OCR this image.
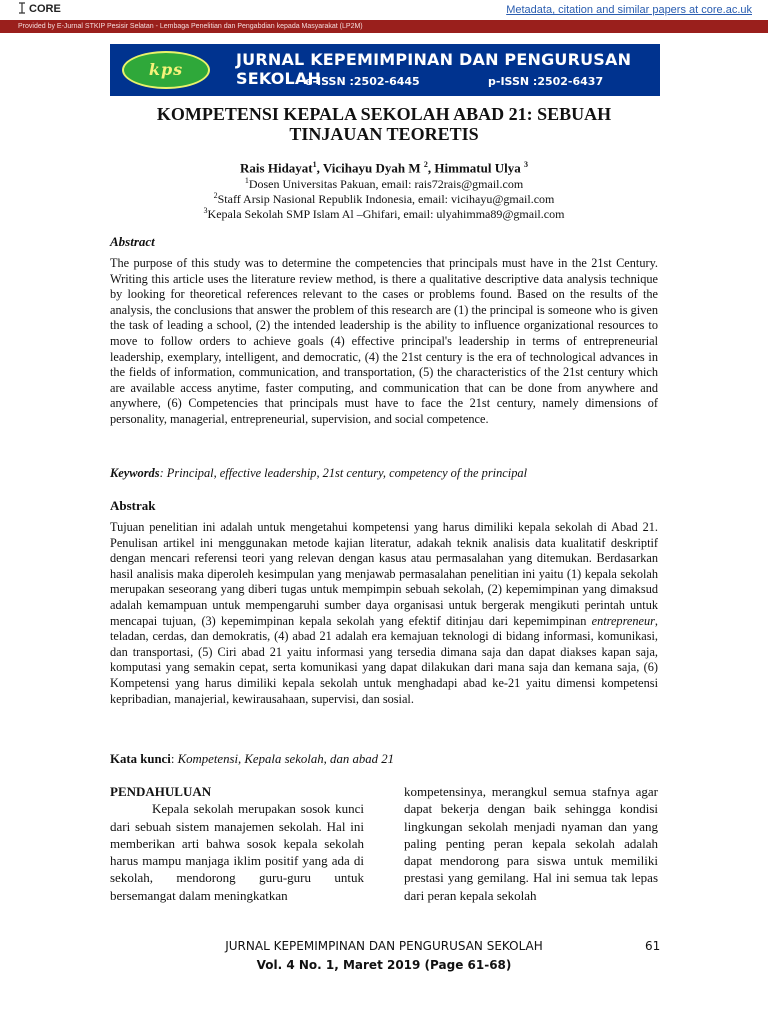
CORE	Metadata, citation and similar papers at core.ac.uk
Provided by E-Jurnal STKIP Pesisir Selatan - Lembaga Penelitian dan Pengabdian kepada Masyarakat (LP2M)
kps
JURNAL KEPEMIMPINAN DAN PENGURUSAN SEKOLAH
e-ISSN :2502-6445	p-ISSN :2502-6437
KOMPETENSI KEPALA SEKOLAH ABAD 21: SEBUAH
TINJAUAN TEORETIS
Rais Hidayat$^1$, Vicihayu Dyah M $^2$, Himmatul Ulya $^3$
$^1$Dosen Universitas Pakuan, email: rais72rais@gmail.com
$^2$Staff Arsip Nasional Republik Indonesia, email: vicihayu@gmail.com
$^3$Kepala Sekolah SMP Islam Al –Ghifari, email: ulyahimma89@gmail.com
Abstract
The purpose of this study was to determine the competencies that principals must have in the 21st Century. Writing this article uses the literature review method, is there a qualitative descriptive data analysis technique by looking for theoretical references relevant to the cases or problems found. Based on the results of the analysis, the conclusions that answer the problem of this research are (1) the principal is someone who is given the task of leading a school, (2) the intended leadership is the ability to influence organizational resources to move to follow orders to achieve goals (4) effective principal's leadership in terms of entrepreneurial leadership, exemplary, intelligent, and democratic, (4) the 21st century is the era of technological advances in the fields of information, communication, and transportation, (5) the characteristics of the 21st century which are available access anytime, faster computing, and communication that can be done from anywhere and anywhere, (6) Competencies that principals must have to face the 21st century, namely dimensions of personality, managerial, entrepreneurial, supervision, and social competence.
Keywords: Principal, effective leadership, 21st century, competency of the principal
Abstrak
Tujuan penelitian ini adalah untuk mengetahui kompetensi yang harus dimiliki kepala sekolah di Abad 21. Penulisan artikel ini menggunakan metode kajian literatur, adakah teknik analisis data kualitatif deskriptif dengan mencari referensi teori yang relevan dengan kasus atau permasalahan yang ditemukan. Berdasarkan hasil analisis maka diperoleh kesimpulan yang menjawab permasalahan penelitian ini yaitu (1) kepala sekolah merupakan seseorang yang diberi tugas untuk mempimpin sebuah sekolah, (2) kepemimpinan yang dimaksud adalah kemampuan untuk mempengaruhi sumber daya organisasi untuk bergerak mengikuti perintah untuk mencapai tujuan, (3) kepemimpinan kepala sekolah yang efektif ditinjau dari kepemimpinan entrepreneur, teladan, cerdas, dan demokratis, (4) abad 21 adalah era kemajuan teknologi di bidang informasi, komunikasi, dan transportasi, (5) Ciri abad 21 yaitu informasi yang tersedia dimana saja dan dapat diakses kapan saja, komputasi yang semakin cepat, serta komunikasi yang dapat dilakukan dari mana saja dan kemana saja, (6) Kompetensi yang harus dimiliki kepala sekolah untuk menghadapi abad ke-21 yaitu dimensi kompetensi kepribadian, manajerial, kewirausahaan, supervisi, dan sosial.
Kata kunci: Kompetensi, Kepala sekolah, dan abad 21
PENDAHULUAN

Kepala sekolah merupakan sosok kunci dari sebuah sistem manajemen sekolah. Hal ini memberikan arti bahwa sosok kepala sekolah harus mampu manjaga iklim positif yang ada di sekolah, mendorong guru-guru untuk bersemangat dalam meningkatkan

kompetensinya, merangkul semua stafnya agar dapat bekerja dengan baik sehingga kondisi lingkungan sekolah menjadi nyaman dan yang paling penting peran kepala sekolah adalah dapat mendorong para siswa untuk memiliki prestasi yang gemilang. Hal ini semua tak lepas dari peran kepala sekolah

JURNAL KEPEMIMPINAN DAN PENGURUSAN SEKOLAH
Vol. 4 No. 1, Maret 2019 (Page 61-68)
61
